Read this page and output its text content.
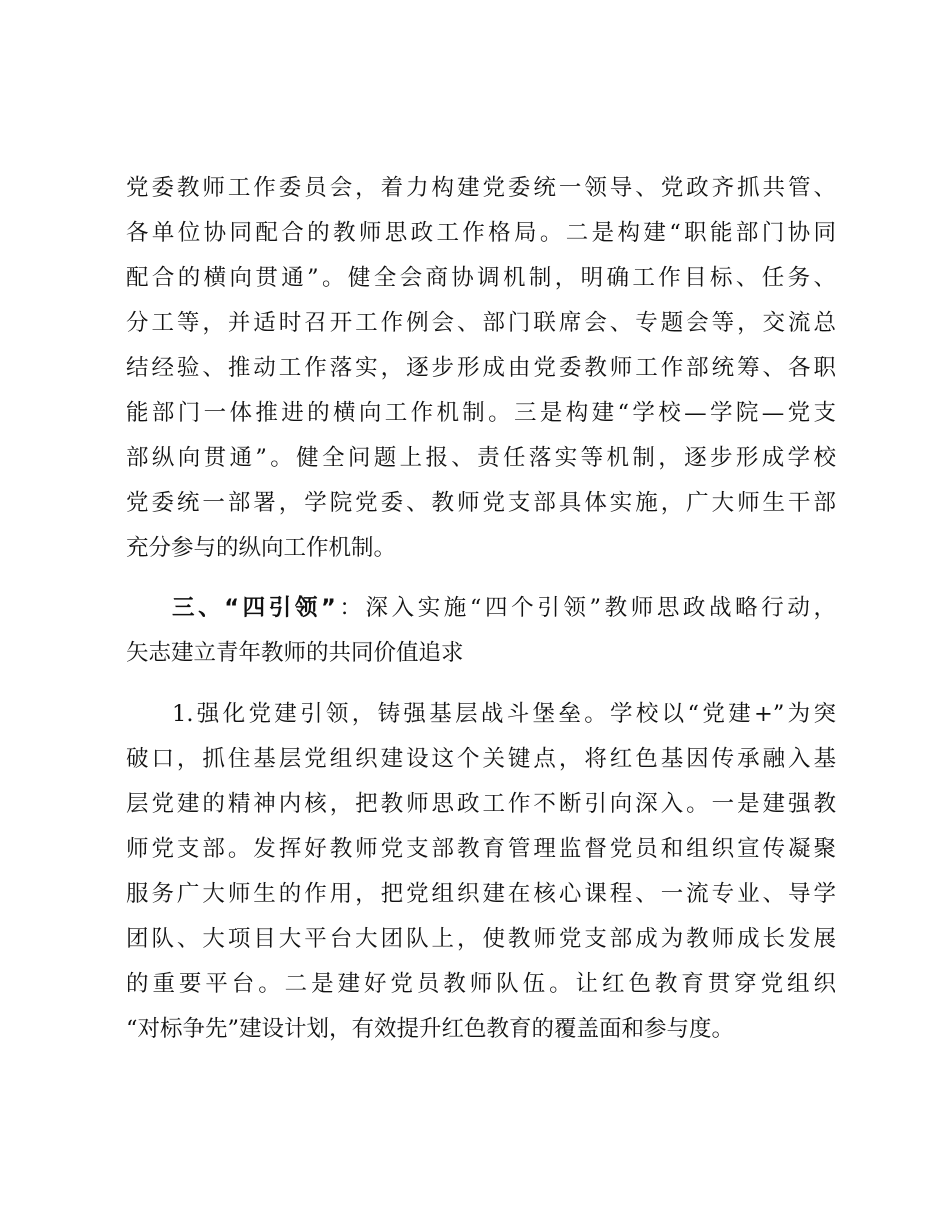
党委教师工作委员会，着力构建党委统一领导、党政齐抓共管、
各单位协同配合的教师思政工作格局。二是构建“职能部门协同
配合的横向贯通”。健全会商协调机制，明确工作目标、任务、
分工等，并适时召开工作例会、部门联席会、专题会等，交流总
结经验、推动工作落实，逐步形成由党委教师工作部统筹、各职
能部门一体推进的横向工作机制。三是构建“学校—学院—党支
部纵向贯通”。健全问题上报、责任落实等机制，逐步形成学校
党委统一部署，学院党委、教师党支部具体实施，广大师生干部
充分参与的纵向工作机制。
三、“四引领”：深入实施“四个引领”教师思政战略行动，
矢志建立青年教师的共同价值追求
1.强化党建引领，铸强基层战斗堡垒。学校以“党建+”为突
破口，抓住基层党组织建设这个关键点，将红色基因传承融入基
层党建的精神内核，把教师思政工作不断引向深入。一是建强教
师党支部。发挥好教师党支部教育管理监督党员和组织宣传凝聚
服务广大师生的作用，把党组织建在核心课程、一流专业、导学
团队、大项目大平台大团队上，使教师党支部成为教师成长发展
的重要平台。二是建好党员教师队伍。让红色教育贯穿党组织
“对标争先”建设计划，有效提升红色教育的覆盖面和参与度。
